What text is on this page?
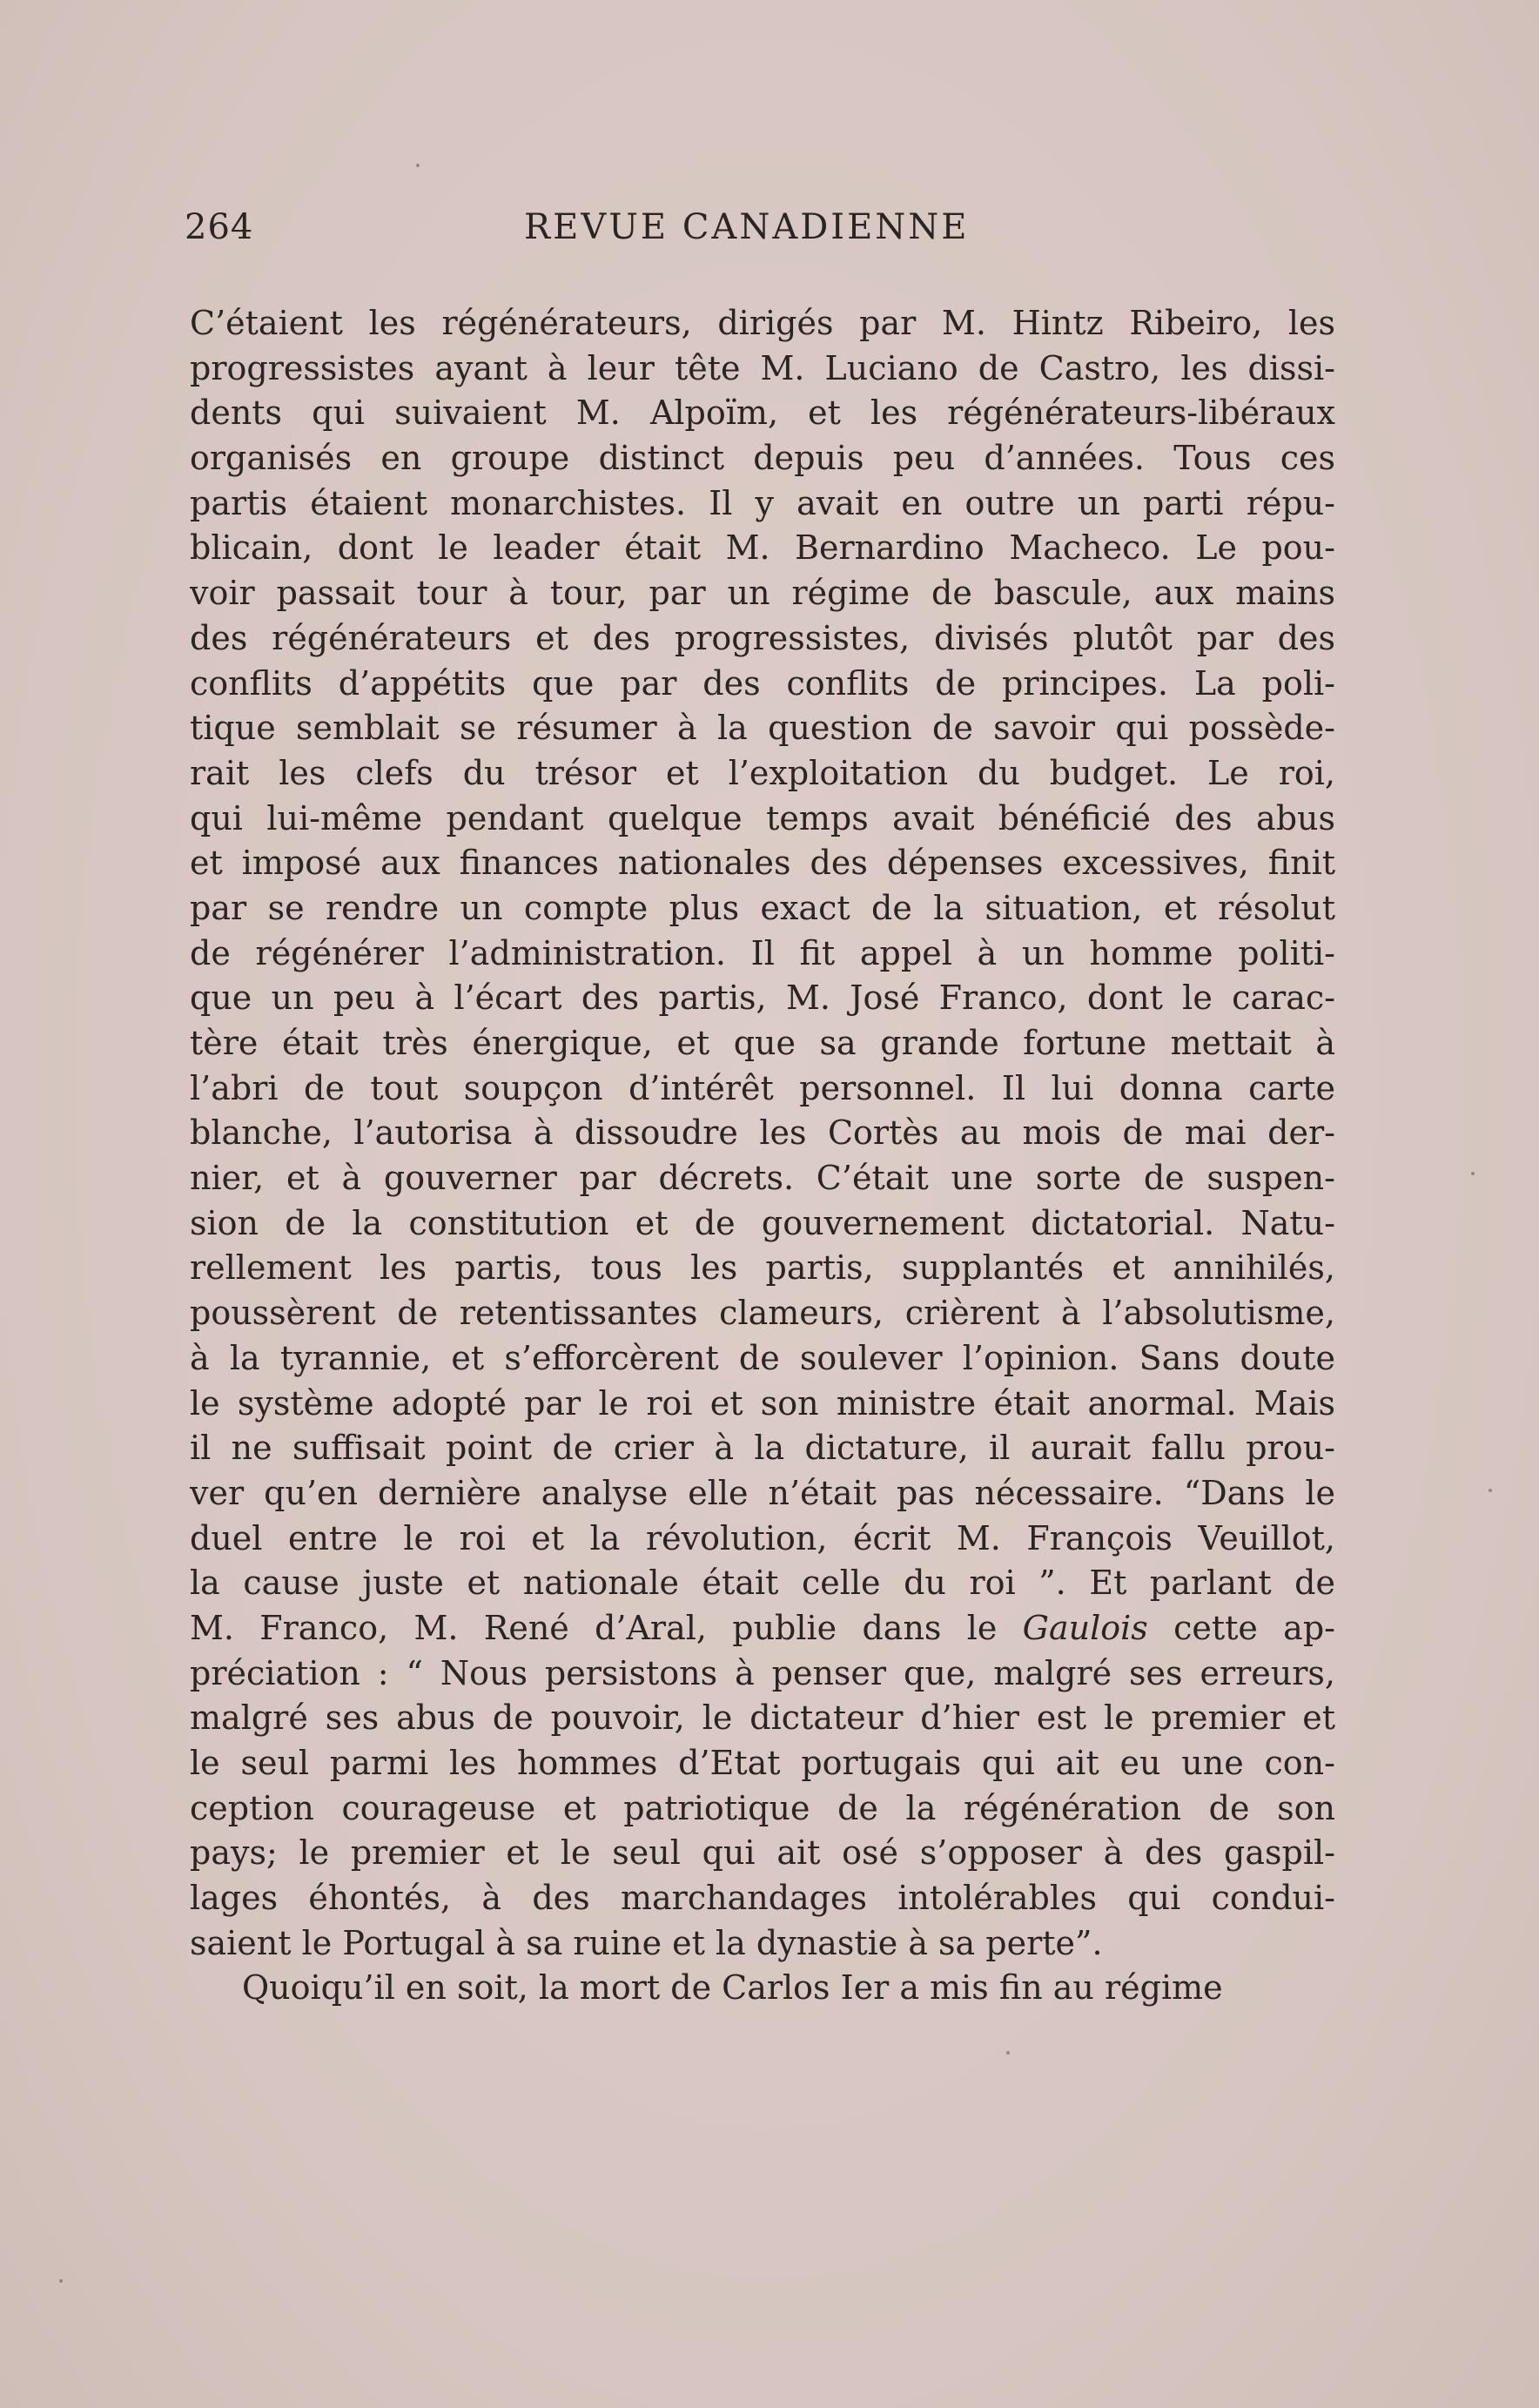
264	REVUE CANADIENNE
C’étaient les régénérateurs, dirigés par M. Hintz Ribeiro, les
progressistes ayant à leur tête M. Luciano de Castro, les dissi-
dents qui suivaient M. Alpoïm, et les régénérateurs-libéraux
organisés en groupe distinct depuis peu d’années. Tous ces
partis étaient monarchistes. Il y avait en outre un parti répu-
blicain, dont le leader était M. Bernardino Macheco. Le pou-
voir passait tour à tour, par un régime de bascule, aux mains
des régénérateurs et des progressistes, divisés plutôt par des
conflits d’appétits que par des conflits de principes. La poli-
tique semblait se résumer à la question de savoir qui possède-
rait les clefs du trésor et l’exploitation du budget. Le roi,
qui lui-même pendant quelque temps avait bénéficié des abus
et imposé aux finances nationales des dépenses excessives, finit
par se rendre un compte plus exact de la situation, et résolut
de régénérer l’administration. Il fit appel à un homme politi-
que un peu à l’écart des partis, M. José Franco, dont le carac-
tère était très énergique, et que sa grande fortune mettait à
l’abri de tout soupçon d’intérêt personnel. Il lui donna carte
blanche, l’autorisa à dissoudre les Cortès au mois de mai der-
nier, et à gouverner par décrets. C’était une sorte de suspen-
sion de la constitution et de gouvernement dictatorial. Natu-
rellement les partis, tous les partis, supplantés et annihilés,
poussèrent de retentissantes clameurs, crièrent à l’absolutisme,
à la tyrannie, et s’efforcèrent de soulever l’opinion. Sans doute
le système adopté par le roi et son ministre était anormal. Mais
il ne suffisait point de crier à la dictature, il aurait fallu prou-
ver qu’en dernière analyse elle n’était pas nécessaire. “Dans le
duel entre le roi et la révolution, écrit M. François Veuillot,
la cause juste et nationale était celle du roi ”. Et parlant de
M. Franco, M. René d’Aral, publie dans le Gaulois cette ap-
préciation : “ Nous persistons à penser que, malgré ses erreurs,
malgré ses abus de pouvoir, le dictateur d’hier est le premier et
le seul parmi les hommes d’Etat portugais qui ait eu une con-
ception courageuse et patriotique de la régénération de son
pays; le premier et le seul qui ait osé s’opposer à des gaspil-
lages éhontés, à des marchandages intolérables qui condui-
saient le Portugal à sa ruine et la dynastie à sa perte”.
Quoiqu’il en soit, la mort de Carlos Ier a mis fin au régime
